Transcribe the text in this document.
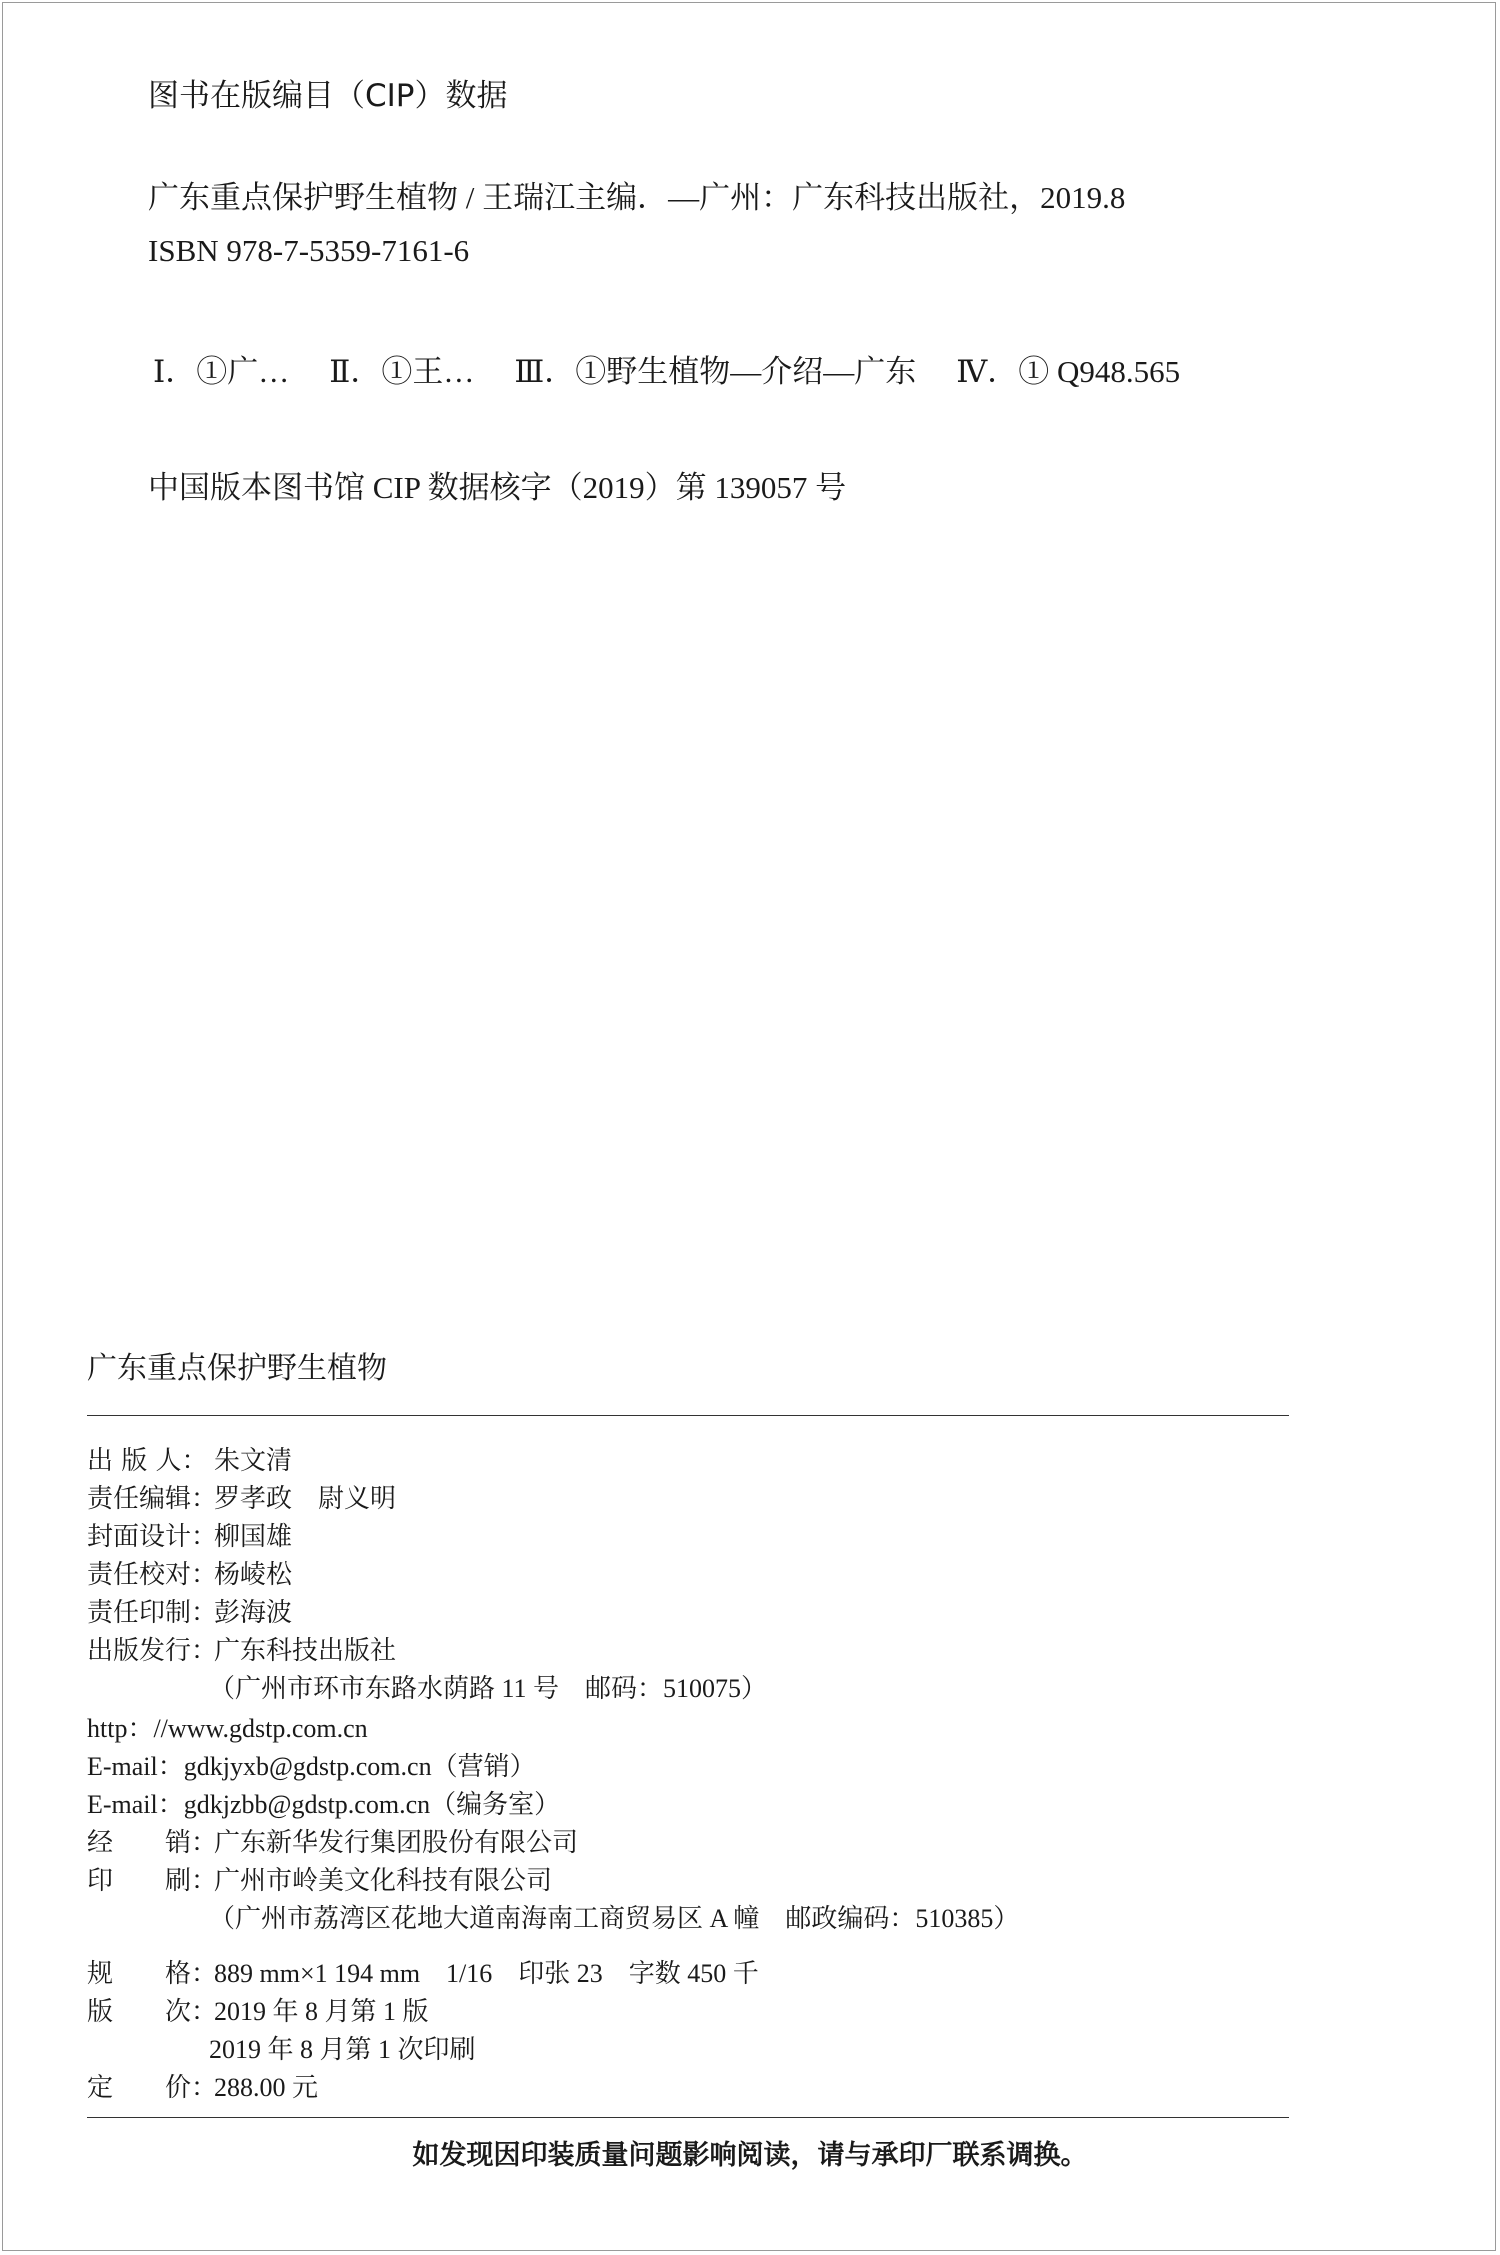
图书在版编目（CIP）数据
广东重点保护野生植物 / 王瑞江主编．—广州：广东科技出版社，2019.8
ISBN 978-7-5359-7161-6
Ⅰ．①广… Ⅱ．①王… Ⅲ．①野生植物—介绍—广东 Ⅳ．① Q948.565
中国版本图书馆 CIP 数据核字（2019）第 139057 号
广东重点保护野生植物
出 版 人： 朱文清
责任编辑：罗孝政　尉义明
封面设计：柳国雄
责任校对：杨崚松
责任印制：彭海波
出版发行：广东科技出版社
（广州市环市东路水荫路 11 号　邮码：510075）
http：//www.gdstp.com.cn
E-mail：gdkjyxb@gdstp.com.cn（营销）
E-mail：gdkjzbb@gdstp.com.cn（编务室）
经　　销：广东新华发行集团股份有限公司
印　　刷：广州市岭美文化科技有限公司
（广州市荔湾区花地大道南海南工商贸易区 A 幢　邮政编码：510385）
规　　格：889 mm×1 194 mm　1/16　印张 23　字数 450 千
版　　次：2019 年 8 月第 1 版
2019 年 8 月第 1 次印刷
定　　价：288.00 元
如发现因印装质量问题影响阅读，请与承印厂联系调换。
